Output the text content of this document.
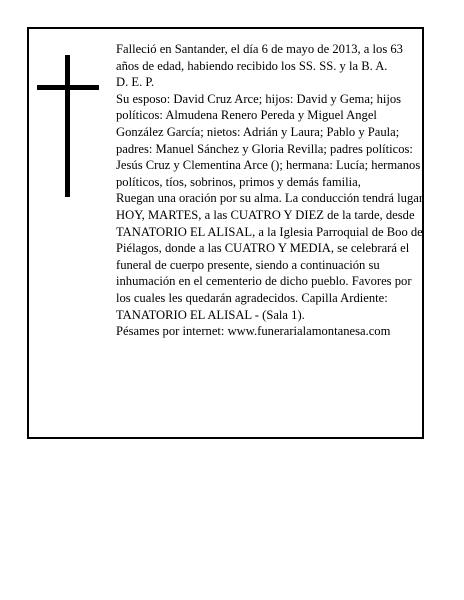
Falleció en Santander, el día 6 de mayo de 2013, a los 63 años de edad, habiendo recibido los SS. SS. y la B. A.

D. E. P.

Su esposo: David Cruz Arce; hijos: David y Gema; hijos políticos: Almudena Renero Pereda y Miguel Angel González García; nietos: Adrián y Laura; Pablo y Paula; padres: Manuel Sánchez y Gloria Revilla; padres políticos: Jesús Cruz y Clementina Arce (); hermana: Lucía; hermanos políticos, tíos, sobrinos, primos y demás familia,

Ruegan una oración por su alma. La conducción tendrá lugar HOY, MARTES, a las CUATRO Y DIEZ de la tarde, desde TANATORIO EL ALISAL, a la Iglesia Parroquial de Boo de Piélagos, donde a las CUATRO Y MEDIA, se celebrará el funeral de cuerpo presente, siendo a continuación su inhumación en el cementerio de dicho pueblo. Favores por los cuales les quedarán agradecidos. Capilla Ardiente: TANATORIO EL ALISAL - (Sala 1).

Pésames por internet: www.funerarialamontanesa.com
